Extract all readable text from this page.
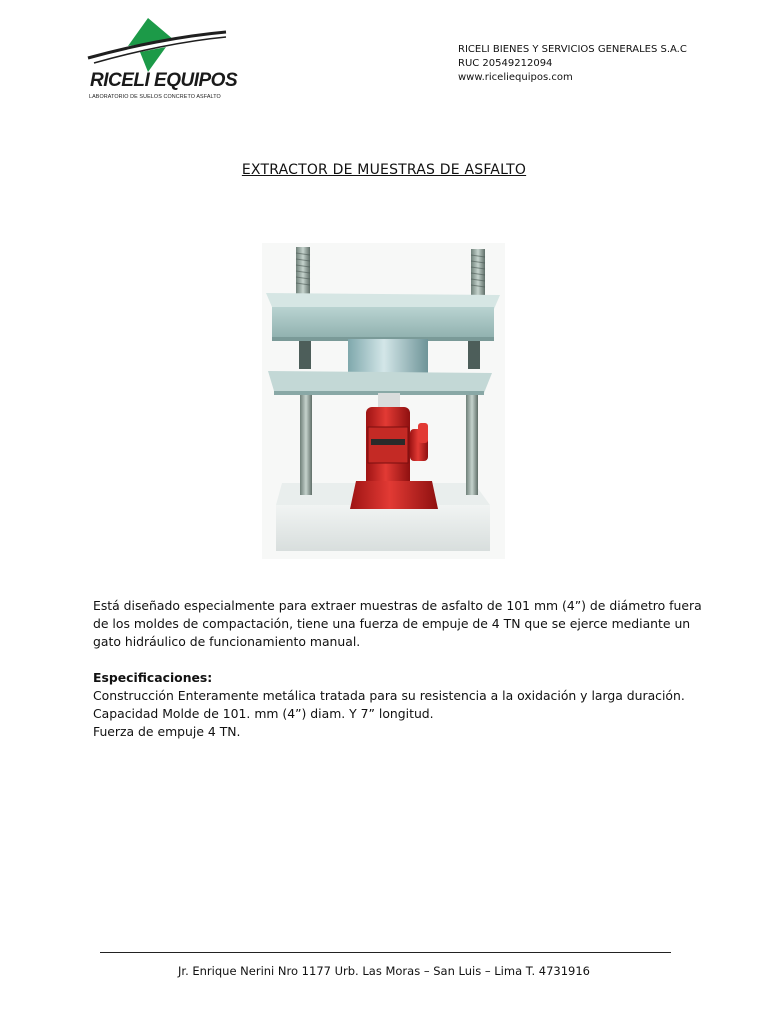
RICELI EQUIPOS
LABORATORIO DE SUELOS CONCRETO ASFALTO
RICELI BIENES Y SERVICIOS GENERALES S.A.C
RUC 20549212094
www.riceliequipos.com
EXTRACTOR DE MUESTRAS DE ASFALTO

Está diseñado especialmente para extraer muestras de asfalto de 101 mm (4”) de diámetro fuera

de los moldes de compactación, tiene una fuerza de empuje de 4 TN que se ejerce mediante un

gato hidráulico de funcionamiento manual.

Especificaciones:

Construcción Enteramente metálica tratada para su resistencia a la oxidación y larga duración.

Capacidad Molde de 101. mm (4”) diam. Y 7” longitud.

Fuerza de empuje 4 TN.

Jr. Enrique Nerini Nro 1177 Urb. Las Moras – San Luis – Lima T. 4731916
